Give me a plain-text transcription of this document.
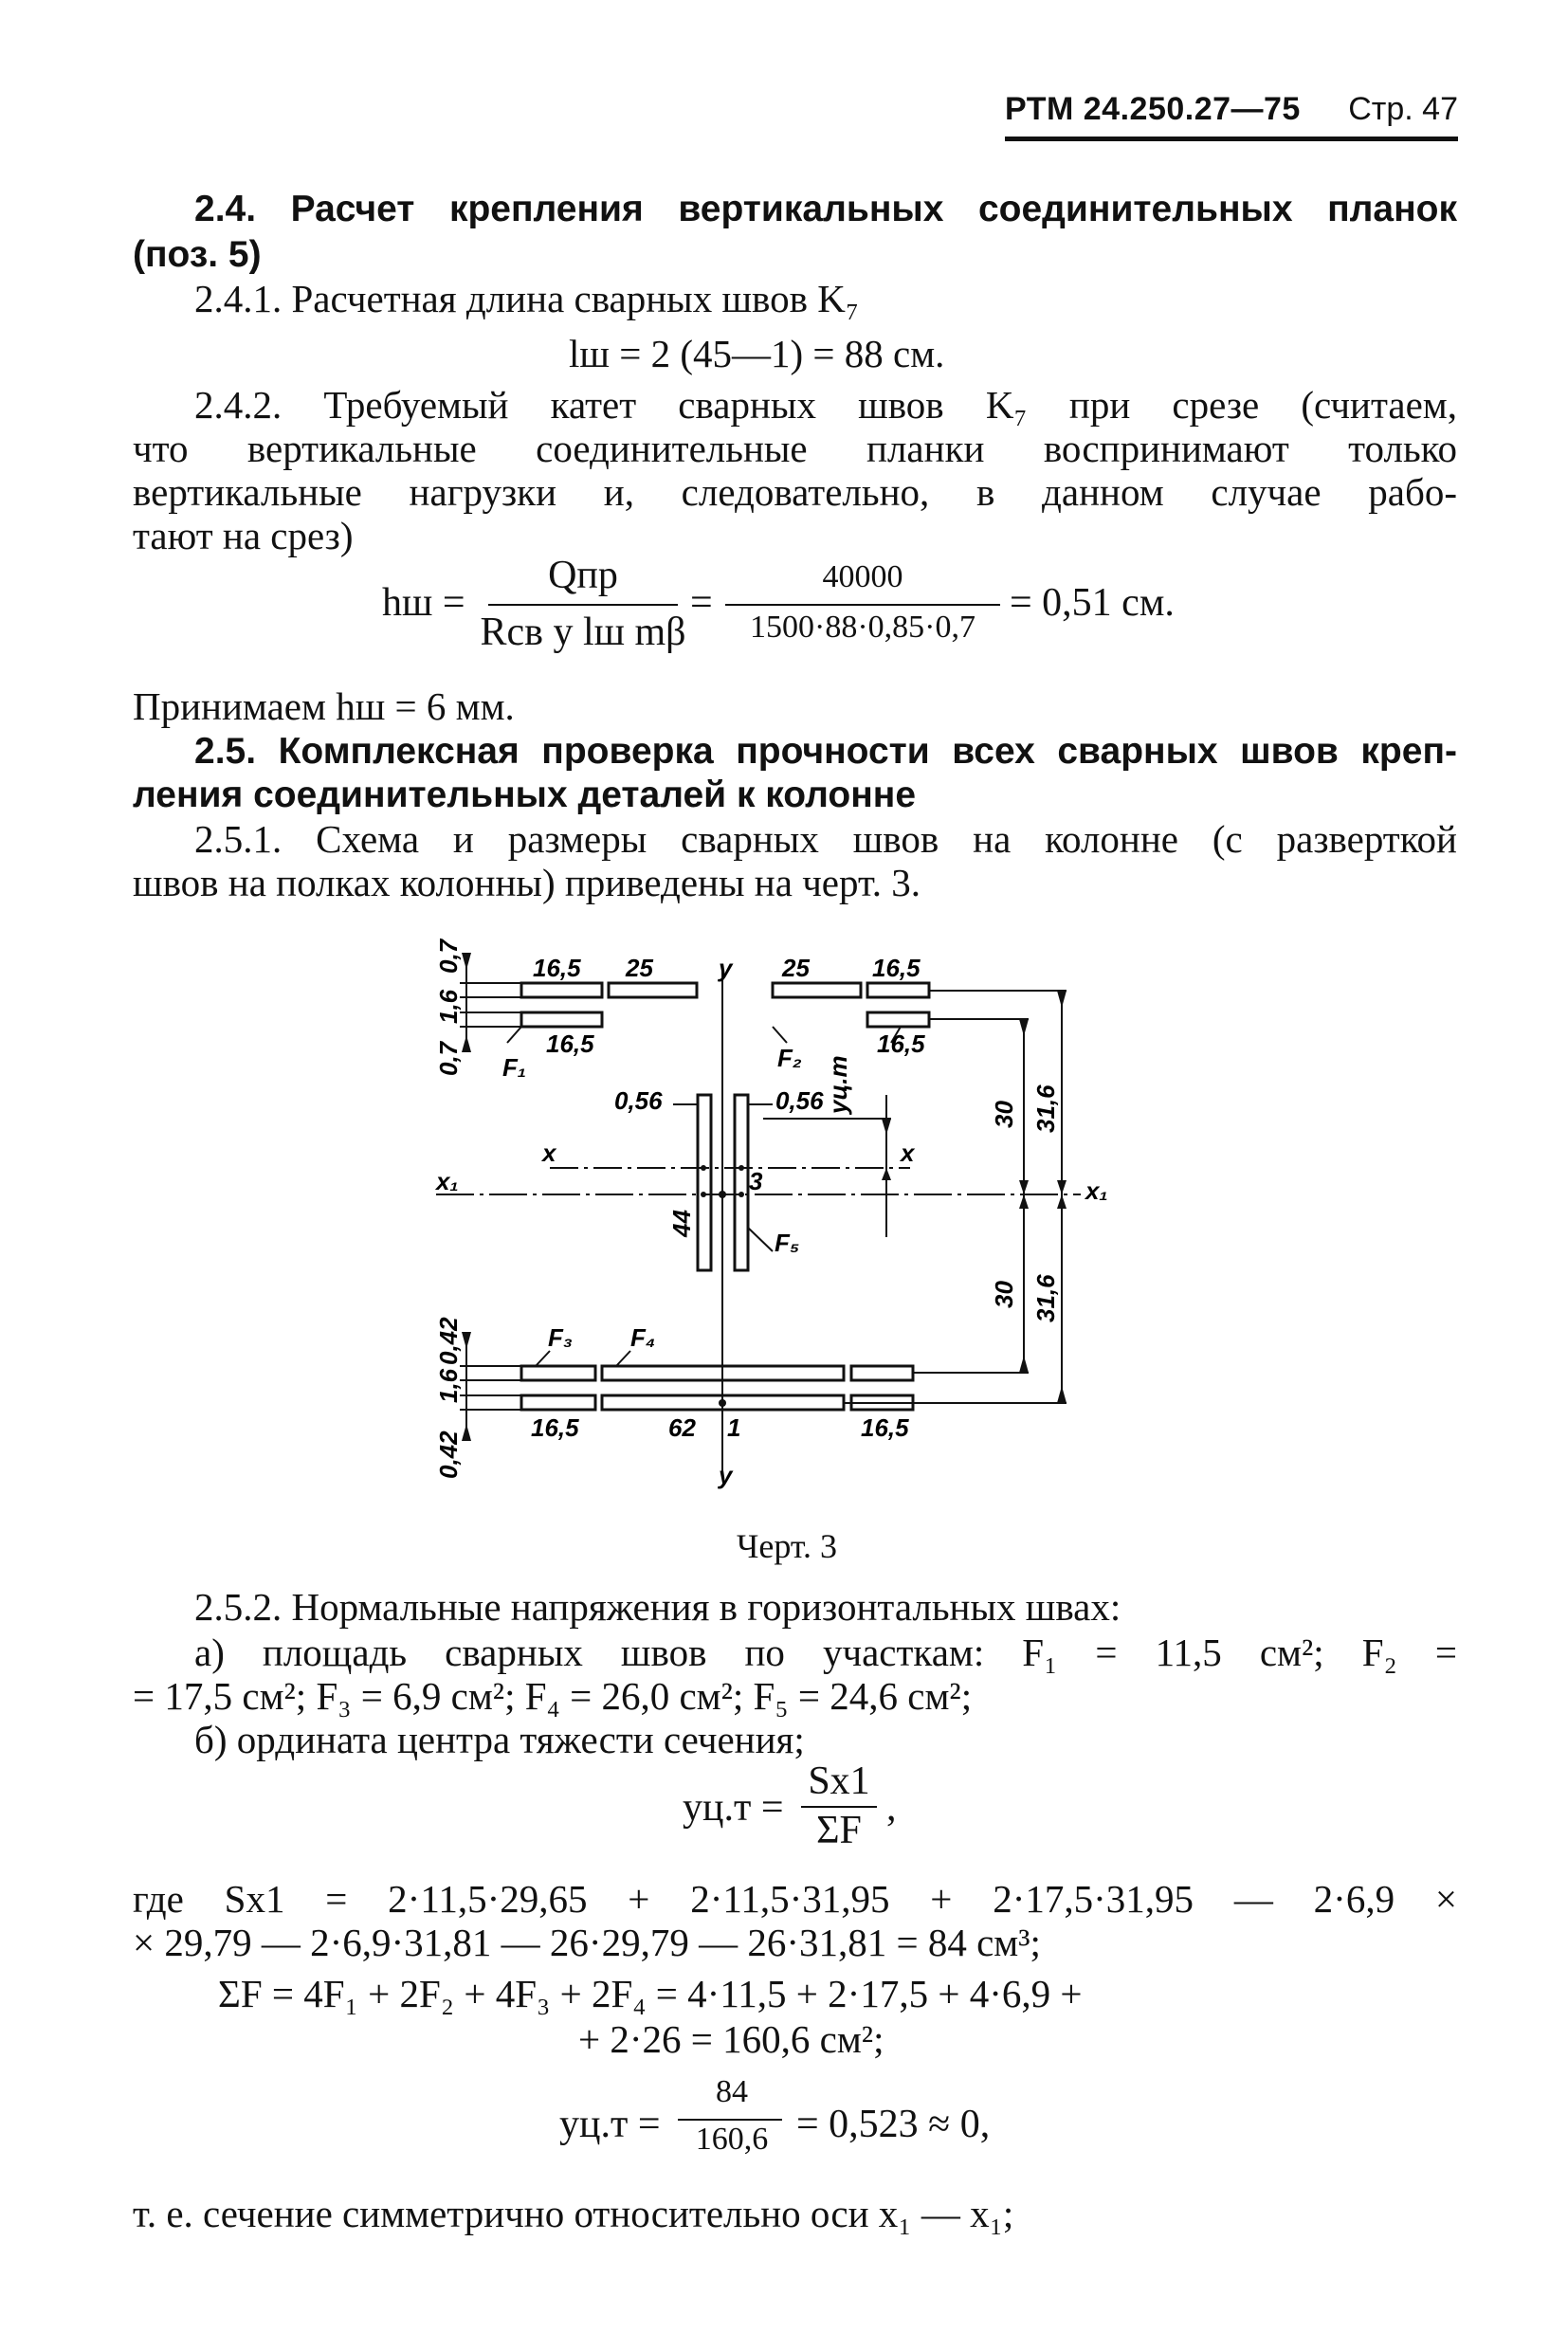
РТМ 24.250.27—75 Стр. 47
2.4. Расчет крепления вертикальных соединительных планок
(поз. 5)
2.4.1. Расчетная длина сварных швов K₇
lш = 2 (45—1) = 88 см.
2.4.2. Требуемый катет сварных швов K₇ при срезе (считаем,
что вертикальные соединительные планки воспринимают только
вертикальные нагрузки и, следовательно, в данном случае рабо-
тают на срез)
hш =
Qпр
Rсв у lш mβ
=
40000
1500·88·0,85·0,7
= 0,51 см.
Принимаем hш = 6 мм.
2.5. Комплексная проверка прочности всех сварных швов креп-
ления соединительных деталей к колонне
2.5.1. Схема и размеры сварных швов на колонне (с разверткой
швов на полках колонны) приведены на черт. 3.
16,5 25	y 25	16,5
16,5
F₁	F₂	16,5
0,56	0,56 yц.т
x	x
x₁	x₁
3
44
F₅
30 31,6
30 31,6
F₃ F₄
16,5	62 1	16,5
y
0,7
1,6
0,7
0,42
1,6
0,42
Черт. 3
2.5.2. Нормальные напряжения в горизонтальных швах:
а) площадь сварных швов по участкам: F₁ = 11,5 см²; F₂ =
= 17,5 см²; F₃ = 6,9 см²; F₄ = 26,0 см²; F₅ = 24,6 см²;
б) ордината центра тяжести сечения;
yц.т =
Sx1
ΣF
,
где Sx1 = 2·11,5·29,65 + 2·11,5·31,95 + 2·17,5·31,95 — 2·6,9 ×
× 29,79 — 2·6,9·31,81 — 26·29,79 — 26·31,81 = 84 см³;
ΣF = 4F₁ + 2F₂ + 4F₃ + 2F₄ = 4·11,5 + 2·17,5 + 4·6,9 +
+ 2·26 = 160,6 см²;
yц.т =
84
160,6 = 0,523 ≈ 0,
т. е. сечение симметрично относительно оси x₁ — x₁;
